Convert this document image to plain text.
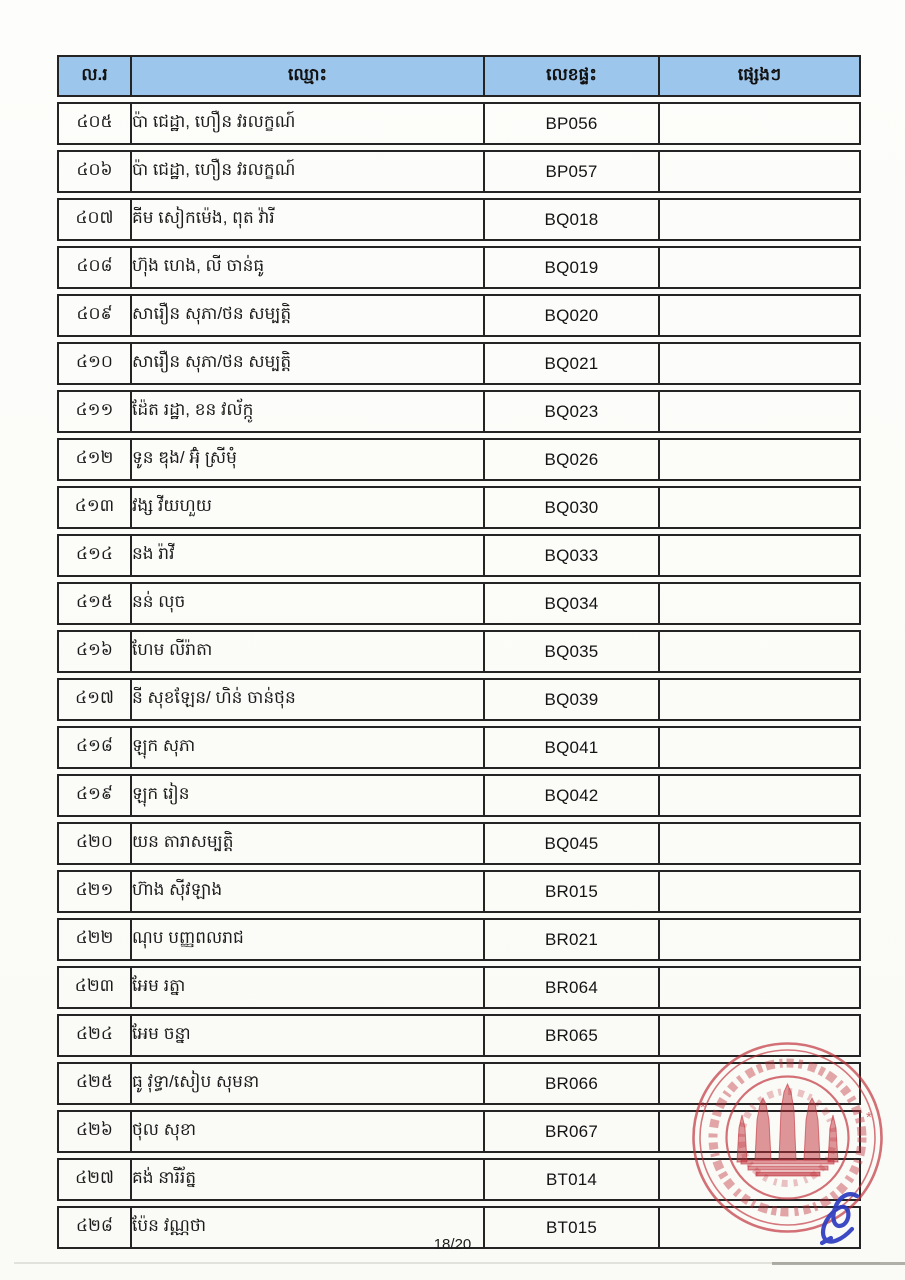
ល.រ	ឈ្មោះ	លេខផ្ទះ	ផ្សេងៗ
៤០៥	ប៉ា ជេដ្ឋា, ហឿន វរលក្ខណ៍	BP056	
៤០៦	ប៉ា ជេដ្ឋា, ហឿន វរលក្ខណ៍	BP057	
៤០៧	គីម សៀកម៉េង, ពុត វ៉ារី	BQ018	
៤០៨	ហ៊ុង ហេង, លី ចាន់ធូ	BQ019	
៤០៩	សារឿន សុភា/ថន សម្បត្តិ	BQ020	
៤១០	សារឿន សុភា/ថន សម្បត្តិ	BQ021	
៤១១	ដ៉ែត រដ្ឋា, ខន វល័ក្កូ	BQ023	
៤១២	ទូន ឌុង/ អ៊ុំ ស្រីមុំ	BQ026	
៤១៣	វង្ស វីយហួយ	BQ030	
៤១៤	នង រ៉ាវី	BQ033	
៤១៥	នន់ លុច	BQ034	
៤១៦	ហែម លីរ៉ាតា	BQ035	
៤១៧	នី សុខឡែន/ ហិន់ ចាន់ថុន	BQ039	
៤១៨	ឡុក សុភា	BQ041	
៤១៩	ឡុក រៀន	BQ042	
៤២០	យន តារាសម្បត្តិ	BQ045	
៤២១	ហ៊ាង ស៊ីវឡាង	BR015	
៤២២	ណុប បញ្ញពលរាជ	BR021	
៤២៣	អែម រត្នា	BR064	
៤២៤	អែម ចន្នា	BR065	
៤២៥	ធូ វុទ្ធា/សៀប សុមនា	BR066	
៤២៦	ថុល សុខា	BR067	
៤២៧	គង់ នារីរ័ត្ន	BT014	
៤២៨	ប៉ែន វណ្ណថា	BT015	
*
*
18/20
